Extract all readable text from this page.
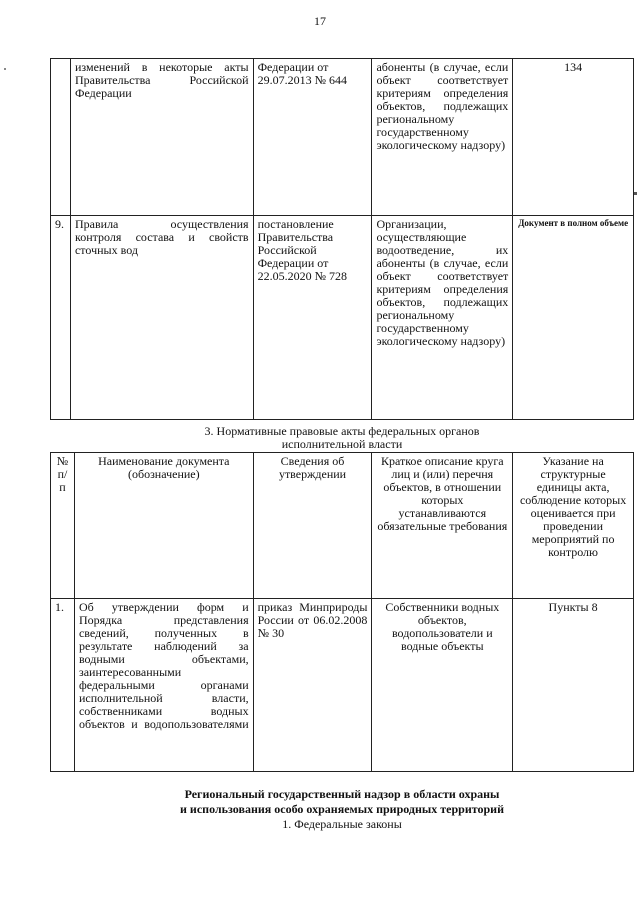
17
	изменений в некоторые акты Правительства Российской Федерации	Федерации от 29.07.2013 № 644	абоненты (в случае, если объект соответствует критериям определения объектов, подлежащих региональному государственному экологическому надзору)	134
9.	Правила осуществления контроля состава и свойств сточных вод	постановление Правительства Российской Федерации от 22.05.2020 № 728	Организации, осуществляющие водоотведение, их абоненты (в случае, если объект соответствует критериям определения объектов, подлежащих региональному государственному экологическому надзору)	Документ в полном объеме
3. Нормативные правовые акты федеральных органов
исполнительной власти
№ п/п	Наименование документа (обозначение)	Сведения об утверждении	Краткое описание круга лиц и (или) перечня объектов, в отношении которых устанавливаются обязательные требования	Указание на структурные единицы акта, соблюдение которых оценивается при проведении мероприятий по контролю
1.	Об утверждении форм и Порядка представления сведений, полученных в результате наблюдений за водными объектами, заинтересованными федеральными органами исполнительной власти, собственниками водных объектов и водопользователями	приказ Минприроды России от 06.02.2008 № 30	Собственники водных объектов, водопользователи и водные объекты	Пункты 8
Региональный государственный надзор в области охраны
и использования особо охраняемых природных территорий
1. Федеральные законы
